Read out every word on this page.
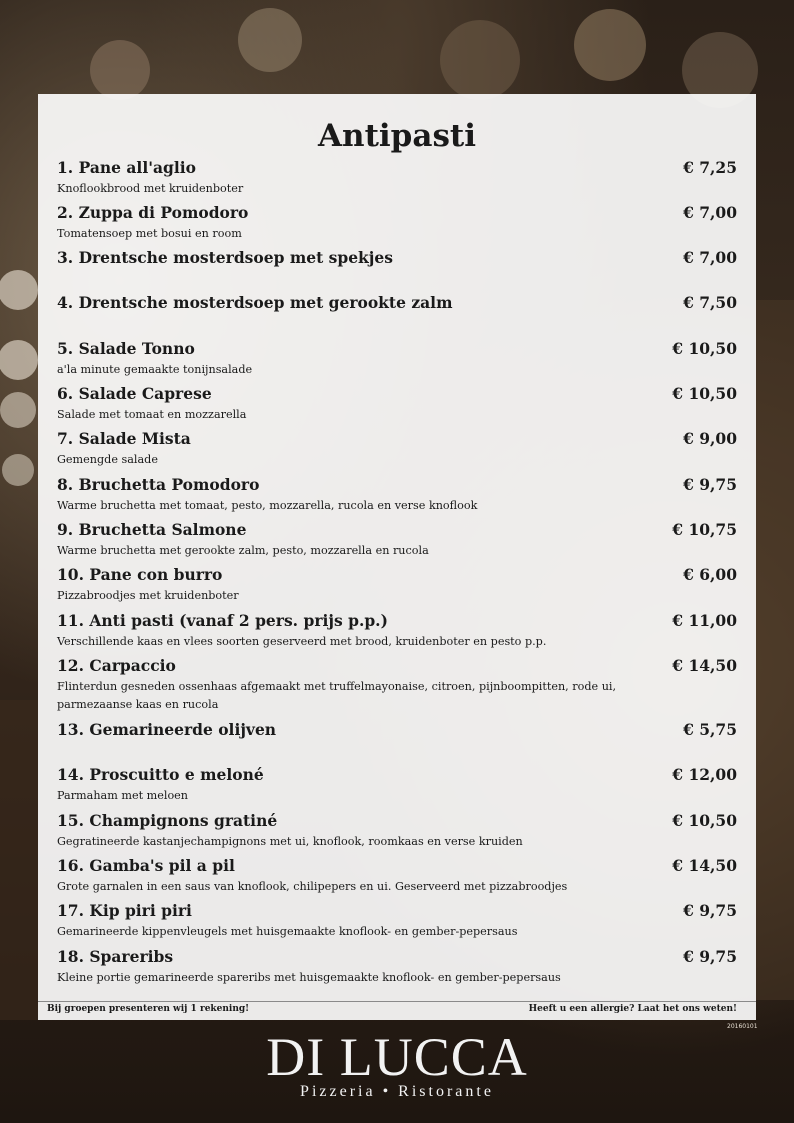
Antipasti
1. Pane all'aglio	€ 7,25
Knoflookbrood met kruidenboter
2. Zuppa di Pomodoro	€ 7,00
Tomatensoep met bosui en room
3. Drentsche mosterdsoep met spekjes	€ 7,00
4. Drentsche mosterdsoep met gerookte zalm	€ 7,50
5. Salade Tonno	€ 10,50
a'la minute gemaakte tonijnsalade
6. Salade Caprese	€ 10,50
Salade met tomaat en mozzarella
7. Salade Mista	€ 9,00
Gemengde salade
8. Bruchetta Pomodoro	€ 9,75
Warme bruchetta met tomaat, pesto, mozzarella, rucola en verse knoflook
9. Bruchetta Salmone	€ 10,75
Warme bruchetta met gerookte zalm, pesto, mozzarella en rucola
10. Pane con burro	€ 6,00
Pizzabroodjes met kruidenboter
11. Anti pasti (vanaf 2 pers. prijs p.p.)	€ 11,00
Verschillende kaas en vlees soorten geserveerd met brood, kruidenboter en pesto p.p.
12. Carpaccio	€ 14,50
Flinterdun gesneden ossenhaas afgemaakt met truffelmayonaise, citroen, pijnboompitten, rode ui, parmezaanse kaas en rucola
13. Gemarineerde olijven	€ 5,75
14. Proscuitto e meloné	€ 12,00
Parmaham met meloen
15. Champignons gratiné	€ 10,50
Gegratineerde kastanjechampignons met ui, knoflook, roomkaas en verse kruiden
16. Gamba's pil a pil	€ 14,50
Grote garnalen in een saus van knoflook, chilipepers en ui. Geserveerd met pizzabroodjes
17. Kip piri piri	€ 9,75
Gemarineerde kippenvleugels met huisgemaakte knoflook- en gember-pepersaus
18. Spareribs	€ 9,75
Kleine portie gemarineerde spareribs met huisgemaakte knoflook- en gember-pepersaus
Bij groepen presenteren wij 1 rekening!	Heeft u een allergie? Laat het ons weten!
20160101
DI LUCCA
Pizzeria • Ristorante
